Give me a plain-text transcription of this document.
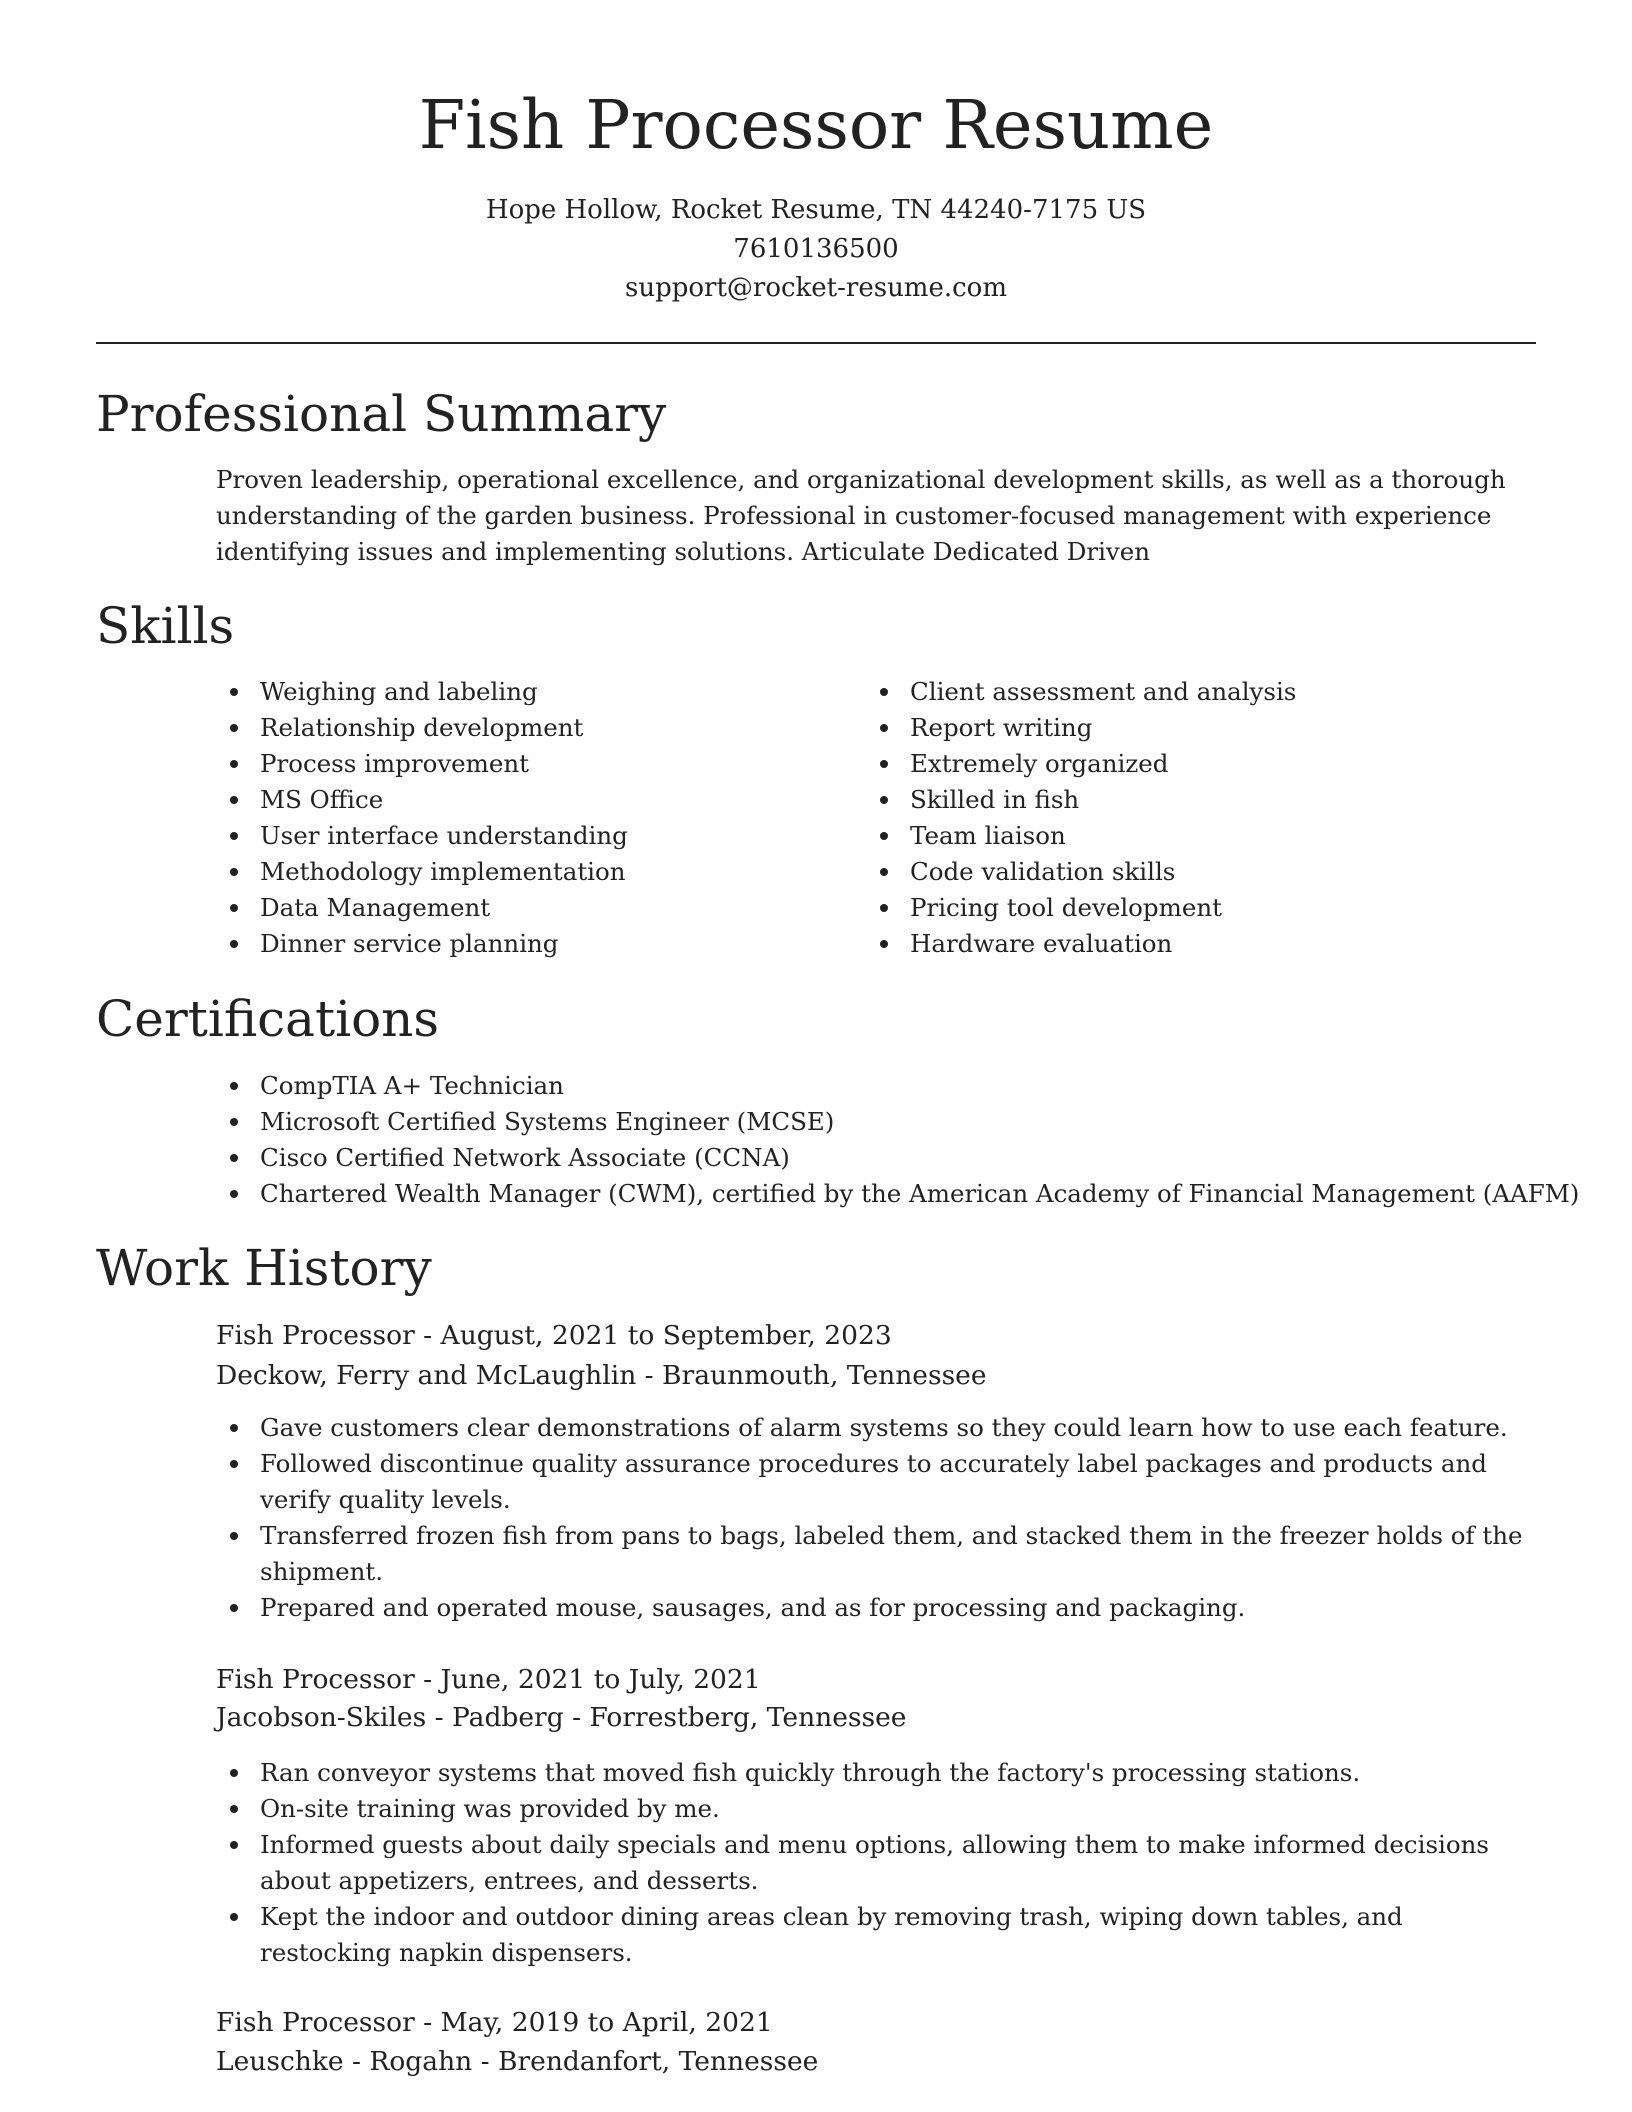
Fish Processor Resume
Hope Hollow, Rocket Resume, TN 44240-7175 US
7610136500
support@rocket-resume.com
Professional Summary
Proven leadership, operational excellence, and organizational development skills, as well as a thorough understanding of the garden business. Professional in customer-focused management with experience identifying issues and implementing solutions. Articulate Dedicated Driven
Skills
Weighing and labeling
Relationship development
Process improvement
MS Office
User interface understanding
Methodology implementation
Data Management
Dinner service planning
Client assessment and analysis
Report writing
Extremely organized
Skilled in fish
Team liaison
Code validation skills
Pricing tool development
Hardware evaluation
Certifications
CompTIA A+ Technician
Microsoft Certified Systems Engineer (MCSE)
Cisco Certified Network Associate (CCNA)
Chartered Wealth Manager (CWM), certified by the American Academy of Financial Management (AAFM)
Work History
Fish Processor - August, 2021 to September, 2023
Deckow, Ferry and McLaughlin - Braunmouth, Tennessee
Gave customers clear demonstrations of alarm systems so they could learn how to use each feature.
Followed discontinue quality assurance procedures to accurately label packages and products and verify quality levels.
Transferred frozen fish from pans to bags, labeled them, and stacked them in the freezer holds of the shipment.
Prepared and operated mouse, sausages, and as for processing and packaging.
Fish Processor - June, 2021 to July, 2021
Jacobson-Skiles - Padberg - Forrestberg, Tennessee
Ran conveyor systems that moved fish quickly through the factory's processing stations.
On-site training was provided by me.
Informed guests about daily specials and menu options, allowing them to make informed decisions about appetizers, entrees, and desserts.
Kept the indoor and outdoor dining areas clean by removing trash, wiping down tables, and restocking napkin dispensers.
Fish Processor - May, 2019 to April, 2021
Leuschke - Rogahn - Brendanfort, Tennessee
